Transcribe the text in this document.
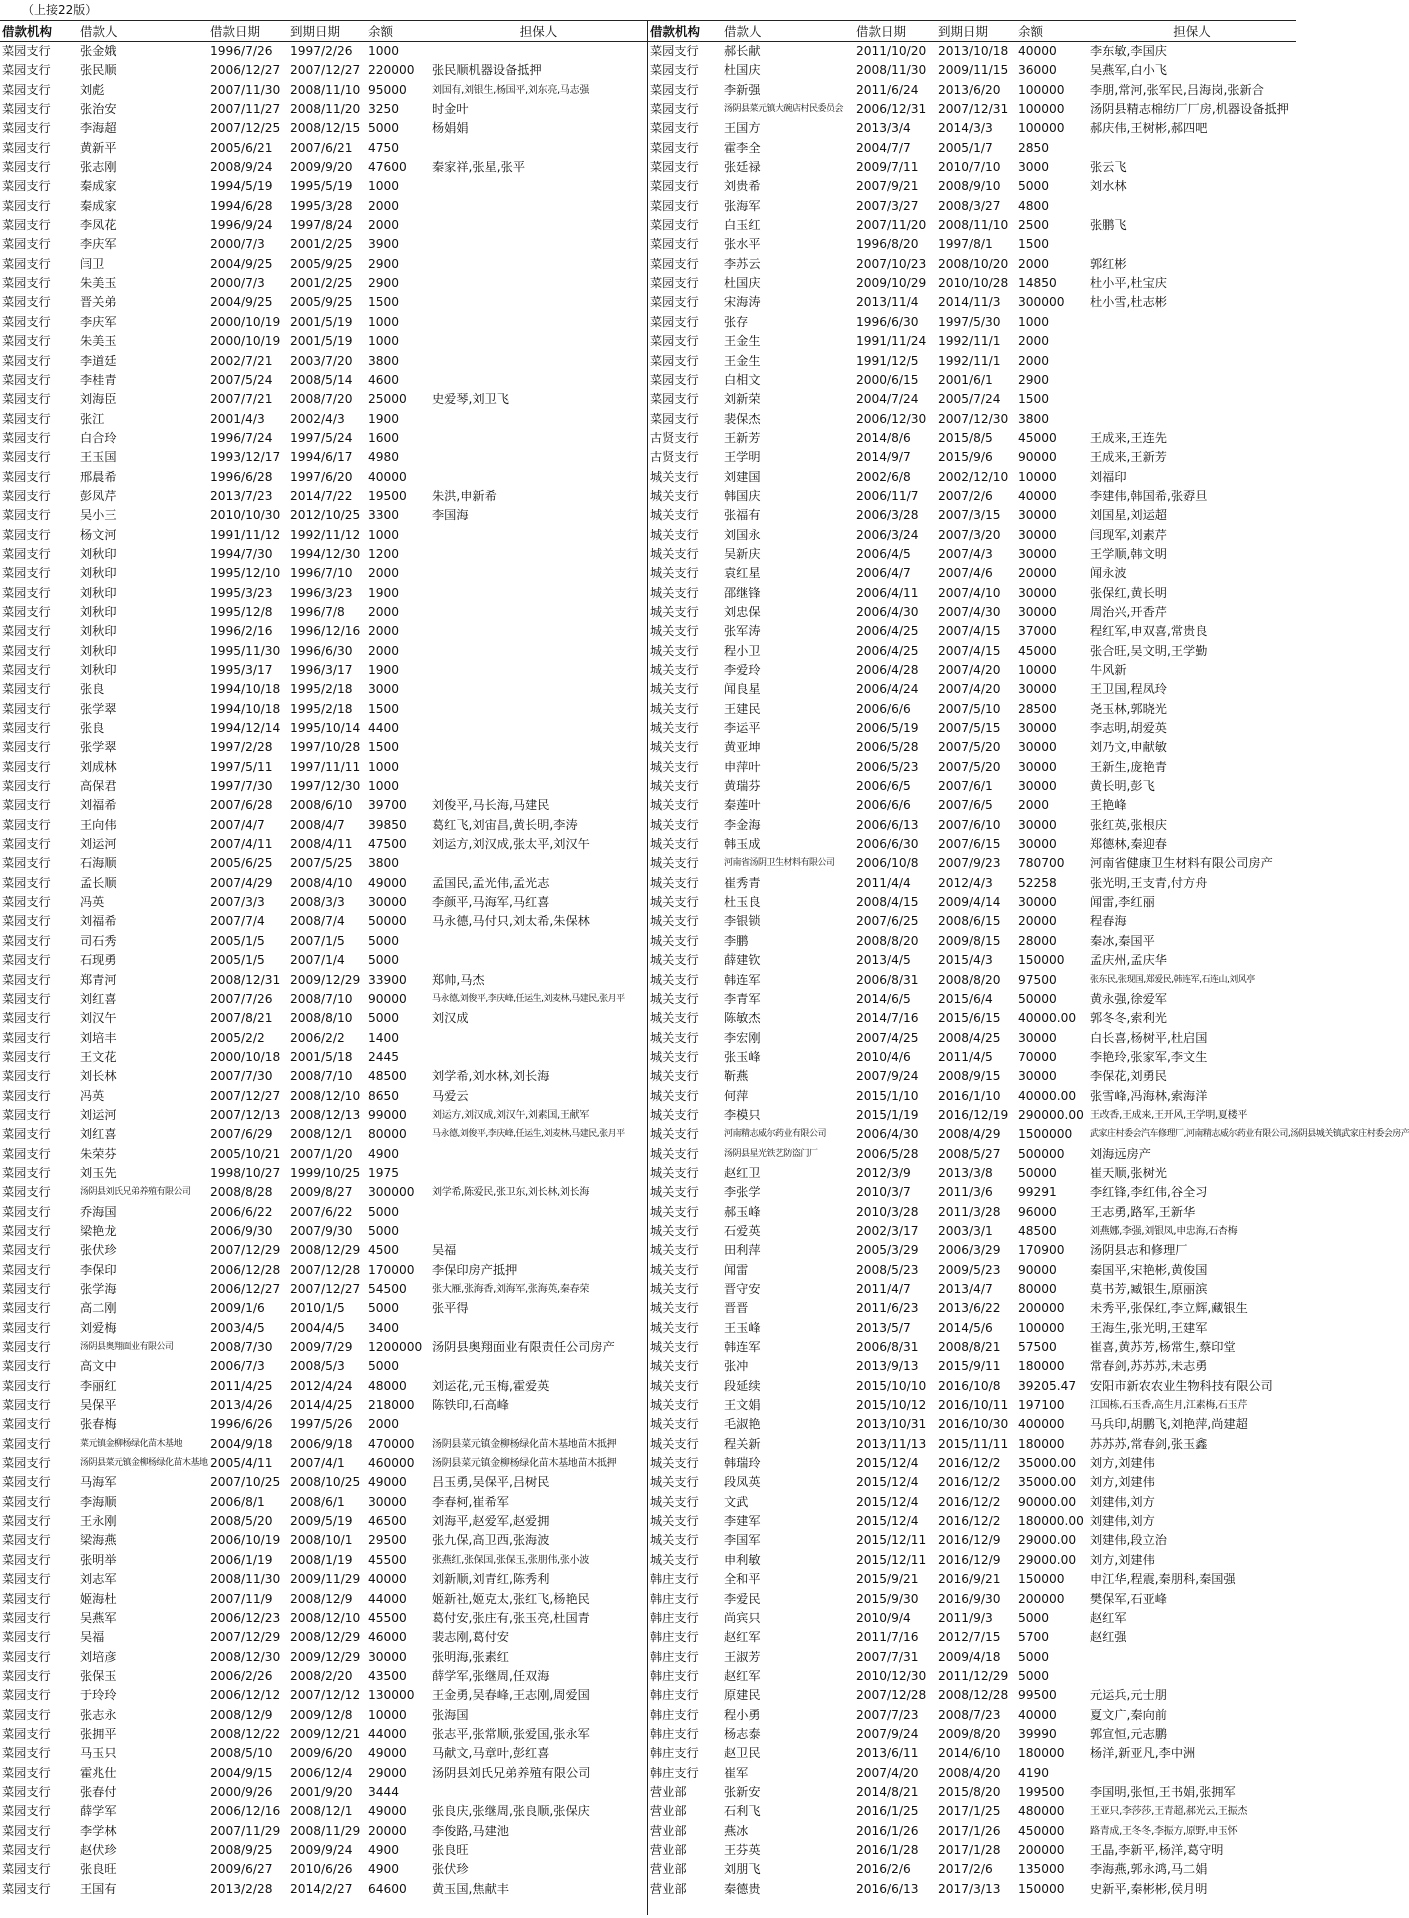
（上接22版）
借款机构	借款人	借款日期	到期日期	余额	担保人
菜园支行	张金娥	1996/7/26	1997/2/26	1000
菜园支行	张民顺	2006/12/27 2007/12/27 220000	张民顺机器设备抵押
菜园支行	刘彪	2007/11/30 2008/11/10 95000	刘国有,刘银生,杨国平,刘东亮,马志强
菜园支行	张治安	2007/11/27 2008/11/20 3250	时金叶
菜园支行	李海超	2007/12/25 2008/12/15 5000	杨娟娟
菜园支行	黄新平	2005/6/21	2007/6/21	4750
菜园支行	张志刚	2008/9/24	2009/9/20	47600	秦家祥,张星,张平
菜园支行	秦成家	1994/5/19	1995/5/19	1000
菜园支行	秦成家	1994/6/28	1995/3/28	2000
菜园支行	李凤花	1996/9/24	1997/8/24	2000
菜园支行	李庆军	2000/7/3	2001/2/25	3900
菜园支行	闫卫	2004/9/25	2005/9/25	2900
菜园支行	朱美玉	2000/7/3	2001/2/25	2900
菜园支行	晋关弟	2004/9/25	2005/9/25	1500
菜园支行	李庆军	2000/10/19 2001/5/19	1000
菜园支行	朱美玉	2000/10/19 2001/5/19	1000
菜园支行	李道廷	2002/7/21	2003/7/20	3800
菜园支行	李桂青	2007/5/24	2008/5/14	4600
菜园支行	刘海臣	2007/7/21	2008/7/20	25000	史爱琴,刘卫飞
菜园支行	张江	2001/4/3	2002/4/3	1900
菜园支行	白合玲	1996/7/24	1997/5/24	1600
菜园支行	王玉国	1993/12/17 1994/6/17	4980
菜园支行	邢晨希	1996/6/28	1997/6/20	40000
菜园支行	彭凤芹	2013/7/23	2014/7/22	19500	朱洪,申新希
菜园支行	吴小三	2010/10/30 2012/10/25 3300	李国海
菜园支行	杨文河	1991/11/12 1992/11/12 1000
菜园支行	刘秋印	1994/7/30	1994/12/30 1200
菜园支行	刘秋印	1995/12/10 1996/7/10	2000
菜园支行	刘秋印	1995/3/23	1996/3/23	1900
菜园支行	刘秋印	1995/12/8	1996/7/8	2000
菜园支行	刘秋印	1996/2/16	1996/12/16 2000
菜园支行	刘秋印	1995/11/30 1996/6/30	2000
菜园支行	刘秋印	1995/3/17	1996/3/17	1900
菜园支行	张良	1994/10/18 1995/2/18	3000
菜园支行	张学翠	1994/10/18 1995/2/18	1500
菜园支行	张良	1994/12/14 1995/10/14 4400
菜园支行	张学翠	1997/2/28	1997/10/28 1500
菜园支行	刘成林	1997/5/11	1997/11/11 1000
菜园支行	高保君	1997/7/30	1997/12/30 1000
菜园支行	刘福希	2007/6/28	2008/6/10	39700	刘俊平,马长海,马建民
菜园支行	王向伟	2007/4/7	2008/4/7	39850	葛红飞,刘宙昌,黄长明,李涛
菜园支行	刘运河	2007/4/11	2008/4/11	47500	刘运方,刘汉成,张太平,刘汉午
菜园支行	石海顺	2005/6/25	2007/5/25	3800
菜园支行	孟长顺	2007/4/29	2008/4/10	49000	孟国民,孟光伟,孟光志
菜园支行	冯英	2007/3/3	2008/3/3	30000	李颜平,马海军,马红喜
菜园支行	刘福希	2007/7/4	2008/7/4	50000	马永德,马付只,刘太希,朱保林
菜园支行	司石秀	2005/1/5	2007/1/5	5000
菜园支行	石现勇	2005/1/5	2007/1/4	5000
菜园支行	郑青河	2008/12/31 2009/12/29 33900	郑帅,马杰
菜园支行	刘红喜	2007/7/26	2008/7/10	90000	马永德,刘俊平,李庆峰,任运生,刘麦林,马建民,张月平
菜园支行	刘汉午	2007/8/21	2008/8/10	5000	刘汉成
菜园支行	刘培丰	2005/2/2	2006/2/2	1400
菜园支行	王文花	2000/10/18 2001/5/18	2445
菜园支行	刘长林	2007/7/30	2008/7/10	48500	刘学希,刘水林,刘长海
菜园支行	冯英	2007/12/27 2008/12/10 8650	马爱云
菜园支行	刘运河	2007/12/13 2008/12/13 99000	刘运方,刘汉成,刘汉午,刘素国,王献军
菜园支行	刘红喜	2007/6/29	2008/12/1	80000	马永德,刘俊平,李庆峰,任运生,刘麦林,马建民,张月平
菜园支行	朱荣芬	2005/10/21 2007/1/20	4900
菜园支行	刘玉先	1998/10/27 1999/10/25 1975
菜园支行	汤阴县刘氏兄弟养殖有限公司	2008/8/28	2009/8/27	300000	刘学希,陈爱民,张卫东,刘长林,刘长海
菜园支行	乔海国	2006/6/22	2007/6/22	5000
菜园支行	梁艳龙	2006/9/30	2007/9/30	5000
菜园支行	张伏珍	2007/12/29 2008/12/29 4500	吴福
菜园支行	李保印	2006/12/28 2007/12/28 170000	李保印房产抵押
菜园支行	张学海	2006/12/27 2007/12/27 54500	张大雁,张海香,刘海军,张海英,秦春荣
菜园支行	高二刚	2009/1/6	2010/1/5	5000	张平得
菜园支行	刘爱梅	2003/4/5	2004/4/5	3400
菜园支行	汤阴县奥翔面业有限公司	2008/7/30	2009/7/29	1200000 汤阴县奥翔面业有限责任公司房产
菜园支行	高文中	2006/7/3	2008/5/3	5000
菜园支行	李丽红	2011/4/25	2012/4/24	48000	刘运花,元玉梅,霍爱英
菜园支行	吴保平	2013/4/26	2014/4/25	218000	陈铁印,石高峰
菜园支行	张春梅	1996/6/26	1997/5/26	2000
菜园支行	菜元镇金柳杨绿化苗木基地	2004/9/18	2006/9/18	470000	汤阴县菜元镇金柳杨绿化苗木基地苗木抵押
菜园支行	汤阴县菜元镇金柳杨绿化苗木基地 2005/4/11	2007/4/1	460000	汤阴县菜元镇金柳杨绿化苗木基地苗木抵押
菜园支行	马海军	2007/10/25 2008/10/25 49000	吕玉勇,吴保平,吕树民
菜园支行	李海顺	2006/8/1	2008/6/1	30000	李春柯,崔希军
菜园支行	王永刚	2008/5/20	2009/5/19	46500	刘海平,赵爱军,赵爱拥
菜园支行	梁海燕	2006/10/19 2008/10/1	29500	张九保,高卫西,张海波
菜园支行	张明举	2006/1/19	2008/1/19	45500	张燕红,张保国,张保玉,张朋伟,张小波
菜园支行	刘志军	2008/11/30 2009/11/29 40000	刘新顺,刘青红,陈秀利
菜园支行	姬海杜	2007/11/9	2008/12/9	44000	姬新社,姬克太,张红飞,杨艳民
菜园支行	吴燕军	2006/12/23 2008/12/10 45500	葛付安,张庄有,张玉亮,杜国青
菜园支行	吴福	2007/12/29 2008/12/29 46000	裴志刚,葛付安
菜园支行	刘培彦	2008/12/30 2009/12/29 30000	张明海,张素红
菜园支行	张保玉	2006/2/26	2008/2/20	43500	薛学军,张继周,任双海
菜园支行	于玲玲	2006/12/12 2007/12/12 130000	王金勇,吴春峰,王志刚,周爱国
菜园支行	张志永	2008/12/9	2009/12/8	10000	张海国
菜园支行	张拥平	2008/12/22 2009/12/21 44000	张志平,张常顺,张爱国,张永军
菜园支行	马玉只	2008/5/10	2009/6/20	49000	马献文,马章叶,彭红喜
菜园支行	霍兆仕	2004/9/15	2006/12/4	29000	汤阴县刘氏兄弟养殖有限公司
菜园支行	张春付	2000/9/26	2001/9/20	3444
菜园支行	薛学军	2006/12/16 2008/12/1	49000	张良庆,张继周,张良顺,张保庆
菜园支行	李学林	2007/11/29 2008/11/29 20000	李俊路,马建池
菜园支行	赵伏珍	2008/9/25	2009/9/24	4900	张良旺
菜园支行	张良旺	2009/6/27	2010/6/26	4900	张伏珍
菜园支行	王国有	2013/2/28	2014/2/27	64600	黄玉国,焦献丰
借款机构	借款人	借款日期	到期日期	余额	担保人
菜园支行	郝长献	2011/10/20 2013/10/18 40000	李东敏,李国庆
菜园支行	杜国庆	2008/11/30 2009/11/15 36000	吴燕军,白小飞
菜园支行	李新强	2011/6/24	2013/6/20	100000	李朋,常河,张军民,吕海岗,张新合
菜园支行	汤阴县菜元镇大碗店村民委员会	2006/12/31 2007/12/31 100000	汤阴县精志棉纺厂厂房,机器设备抵押
菜园支行	王国方	2013/3/4	2014/3/3	100000	郝庆伟,王树彬,郝四吧
菜园支行	霍李全	2004/7/7	2005/1/7	2850
菜园支行	张廷禄	2009/7/11	2010/7/10	3000	张云飞
菜园支行	刘贵希	2007/9/21	2008/9/10	5000	刘水林
菜园支行	张海军	2007/3/27	2008/3/27	4800
菜园支行	白玉红	2007/11/20 2008/11/10 2500	张鹏飞
菜园支行	张水平	1996/8/20	1997/8/1	1500
菜园支行	李苏云	2007/10/23 2008/10/20 2000	郭红彬
菜园支行	杜国庆	2009/10/29 2010/10/28 14850	杜小平,杜宝庆
菜园支行	宋海涛	2013/11/4	2014/11/3	300000	杜小雪,杜志彬
菜园支行	张存	1996/6/30	1997/5/30	1000
菜园支行	王金生	1991/11/24 1992/11/1	2000
菜园支行	王金生	1991/12/5	1992/11/1	2000
菜园支行	白相文	2000/6/15	2001/6/1	2900
菜园支行	刘新荣	2004/7/24	2005/7/24	1500
菜园支行	裴保杰	2006/12/30 2007/12/30 3800
古贤支行	王新芳	2014/8/6	2015/8/5	45000	王成来,王连先
古贤支行	王学明	2014/9/7	2015/9/6	90000	王成来,王新芳
城关支行	刘建国	2002/6/8	2002/12/10 10000	刘福印
城关支行	韩国庆	2006/11/7	2007/2/6	40000	李建伟,韩国希,张孬旦
城关支行	张福有	2006/3/28	2007/3/15	30000	刘国星,刘运超
城关支行	刘国永	2006/3/24	2007/3/20	30000	闫现军,刘素芹
城关支行	吴新庆	2006/4/5	2007/4/3	30000	王学顺,韩文明
城关支行	袁红星	2006/4/7	2007/4/6	20000	闻永波
城关支行	邵继锋	2006/4/11	2007/4/10	30000	张保红,黄长明
城关支行	刘忠保	2006/4/30	2007/4/30	30000	周治兴,开香芹
城关支行	张军涛	2006/4/25	2007/4/15	37000	程红军,申双喜,常贵良
城关支行	程小卫	2006/4/25	2007/4/15	45000	张合旺,吴文明,王学勤
城关支行	李爱玲	2006/4/28	2007/4/20	10000	牛风新
城关支行	闻良星	2006/4/24	2007/4/20	30000	王卫国,程凤玲
城关支行	王建民	2006/6/6	2007/5/10	28500	尧玉林,郭晓光
城关支行	李运平	2006/5/19	2007/5/15	30000	李志明,胡爱英
城关支行	黄亚坤	2006/5/28	2007/5/20	30000	刘乃文,申献敏
城关支行	申萍叶	2006/5/23	2007/5/20	30000	王新生,庞艳青
城关支行	黄瑞芬	2006/6/5	2007/6/1	30000	黄长明,彭飞
城关支行	秦莲叶	2006/6/6	2007/6/5	2000	王艳峰
城关支行	李金海	2006/6/13	2007/6/10	30000	张红英,张根庆
城关支行	韩玉成	2006/6/30	2007/6/15	30000	郑德林,秦迎春
城关支行	河南省汤阴卫生材料有限公司	2006/10/8	2007/9/23	780700	河南省健康卫生材料有限公司房产
城关支行	崔秀青	2011/4/4	2012/4/3	52258	张光明,王支青,付方舟
城关支行	杜玉良	2008/4/15	2009/4/14	30000	闻雷,李红丽
城关支行	李银锁	2007/6/25	2008/6/15	20000	程春海
城关支行	李鹏	2008/8/20	2009/8/15	28000	秦冰,秦国平
城关支行	薛建钦	2013/4/5	2015/4/3	150000	孟庆州,孟庆华
城关支行	韩连军	2006/8/31	2008/8/20	97500	张东民,张现国,郑爱民,韩连军,石连山,刘风亭
城关支行	李青军	2014/6/5	2015/6/4	50000	黄永强,徐爱军
城关支行	陈敏杰	2014/7/16	2015/6/15	40000.00	郭冬冬,索利光
城关支行	李宏刚	2007/4/25	2008/4/25	30000	白长喜,杨树平,杜启国
城关支行	张玉峰	2010/4/6	2011/4/5	70000	李艳玲,张家军,李文生
城关支行	靳燕	2007/9/24	2008/9/15	30000	李保花,刘勇民
城关支行	何萍	2015/1/10	2016/1/10	40000.00	张雪峰,冯海林,索海洋
城关支行	李模只	2015/1/19	2016/12/19 290000.00 王改香,王成来,王开风,王学明,夏楼平
城关支行	河南精志威尔药业有限公司	2006/4/30	2008/4/29	1500000	武家庄村委会汽车修理厂,河南精志威尔药业有限公司,汤阴县城关镇武家庄村委会房产
城关支行	汤阴县星光铁艺防盗门厂	2006/5/28	2008/5/27	500000	刘海远房产
城关支行	赵红卫	2012/3/9	2013/3/8	50000	崔天顺,张树光
城关支行	李张学	2010/3/7	2011/3/6	99291	李红锋,李红伟,谷全习
城关支行	郝玉峰	2010/3/28	2011/3/28	96000	王志勇,路军,王新华
城关支行	石爱英	2002/3/17	2003/3/1	48500	刘燕娜,李强,刘银凤,申忠海,石杏梅
城关支行	田利萍	2005/3/29	2006/3/29	170900	汤阴县志和修理厂
城关支行	闻雷	2008/5/23	2009/5/23	90000	秦国平,宋艳彬,黄俊国
城关支行	晋守安	2011/4/7	2013/4/7	80000	莫书芳,臧银生,原丽滨
城关支行	晋晋	2011/6/23	2013/6/22	200000	未秀平,张保红,李立辉,藏银生
城关支行	王玉峰	2013/5/7	2014/5/6	100000	王海生,张光明,王建军
城关支行	韩连军	2006/8/31	2008/8/21	57500	崔喜,黄苏芳,杨常生,蔡印堂
城关支行	张冲	2013/9/13	2015/9/11	180000	常春剑,苏苏苏,未志勇
城关支行	段延续	2015/10/10 2016/10/8	39205.47	安阳市新农农业生物科技有限公司
城关支行	王文娟	2015/10/12 2016/10/11 197100	江国栋,石玉香,高生月,江素梅,石玉芹
城关支行	毛淑艳	2013/10/31 2016/10/30 400000	马兵印,胡鹏飞,刘艳萍,尚建超
城关支行	程关新	2013/11/13 2015/11/11 180000	苏苏苏,常春剑,张玉鑫
城关支行	韩瑞玲	2015/12/4	2016/12/2	35000.00	刘方,刘建伟
城关支行	段凤英	2015/12/4	2016/12/2	35000.00	刘方,刘建伟
城关支行	文武	2015/12/4	2016/12/2	90000.00	刘建伟,刘方
城关支行	李建军	2015/12/4	2016/12/2	180000.00 刘建伟,刘方
城关支行	李国军	2015/12/11 2016/12/9	29000.00	刘建伟,段立治
城关支行	申利敏	2015/12/11 2016/12/9	29000.00	刘方,刘建伟
韩庄支行	全和平	2015/9/21	2016/9/21	150000	申江华,程震,秦朋科,秦国强
韩庄支行	李爱民	2015/9/30	2016/9/30	200000	樊保军,石亚峰
韩庄支行	尚宾只	2010/9/4	2011/9/3	5000	赵红军
韩庄支行	赵红军	2011/7/16	2012/7/15	5700	赵红强
韩庄支行	王淑芳	2007/7/31	2009/4/18	5000
韩庄支行	赵红军	2010/12/30 2011/12/29 5000
韩庄支行	原建民	2007/12/28 2008/12/28 99500	元运兵,元士朋
韩庄支行	程小勇	2007/7/23	2008/7/23	40000	夏文广,秦向前
韩庄支行	杨志泰	2007/9/24	2009/8/20	39990	郭宣恒,元志鹏
韩庄支行	赵卫民	2013/6/11	2014/6/10	180000	杨洋,新亚凡,李中洲
韩庄支行	崔军	2007/4/20	2008/4/20	4190
营业部	张新安	2014/8/21	2015/8/20	199500	李国明,张恒,王书娟,张拥军
营业部	石利飞	2016/1/25	2017/1/25	480000	王亚只,李莎莎,王青超,郝光云,王振杰
营业部	燕冰	2016/1/26	2017/1/26	450000	路青成,王冬冬,李振方,原野,申玉怀
营业部	王芬英	2016/1/28	2017/1/28	200000	王晶,李新平,杨洋,葛守明
营业部	刘朋飞	2016/2/6	2017/2/6	135000	李海燕,郭永鸿,马二娟
营业部	秦德贵	2016/6/13	2017/3/13	150000	史新平,秦彬彬,侯月明
